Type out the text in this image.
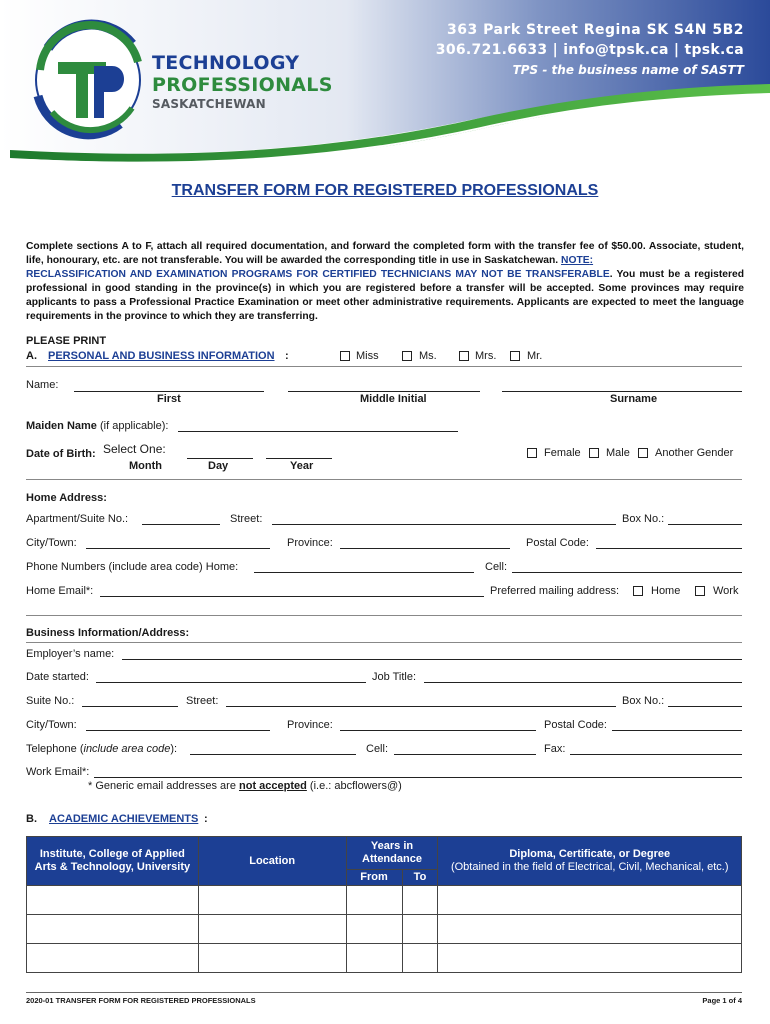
363 Park Street Regina SK S4N 5B2
306.721.6633 | info@tpsk.ca | tpsk.ca
TPS - the business name of SASTT
TECHNOLOGY
PROFESSIONALS
SASKATCHEWAN
TRANSFER FORM FOR REGISTERED PROFESSIONALS
Complete sections A to F, attach all required documentation, and forward the completed form with the transfer fee of $50.00. Associate, student, life, honourary, etc. are not transferable. You will be awarded the corresponding title in use in Saskatchewan. NOTE:
RECLASSIFICATION AND EXAMINATION PROGRAMS FOR CERTIFIED TECHNICIANS MAY NOT BE TRANSFERABLE. You must be a registered professional in good standing in the province(s) in which you are registered before a transfer will be accepted. Some provinces may require applicants to pass a Professional Practice Examination or meet other administrative requirements. Applicants are expected to meet the language requirements in the province to which they are transferring.
PLEASE PRINT
A. PERSONAL AND BUSINESS INFORMATION :	Miss	Ms.	Mrs.	Mr.
Name:
First	Middle Initial	Surname
Maiden Name (if applicable):
Date of Birth: Select One:
Month	Day	Year
Female Male Another Gender
Home Address:
Apartment/Suite No.:	Street:	Box No.:
City/Town:	Province:	Postal Code:
Phone Numbers (include area code) Home:	Cell:
Home Email*:	Preferred mailing address:	Home	Work
Business Information/Address:
Employer’s name:
Date started:	Job Title:
Suite No.:	Street:	Box No.:
City/Town:	Province:	Postal Code:
Telephone (include area code):	Cell:	Fax:
Work Email*:
* Generic email addresses are not accepted (i.e.: abcflowers@)
B. ACADEMIC ACHIEVEMENTS :
Institute, College of Applied Arts & Technology, University	Location	Years in Attendance		Diploma, Certificate, or Degree
(Obtained in the field of Electrical, Civil, Mechanical, etc.)

		From	To	

2020-01 TRANSFER FORM FOR REGISTERED PROFESSIONALS	Page 1 of 4
